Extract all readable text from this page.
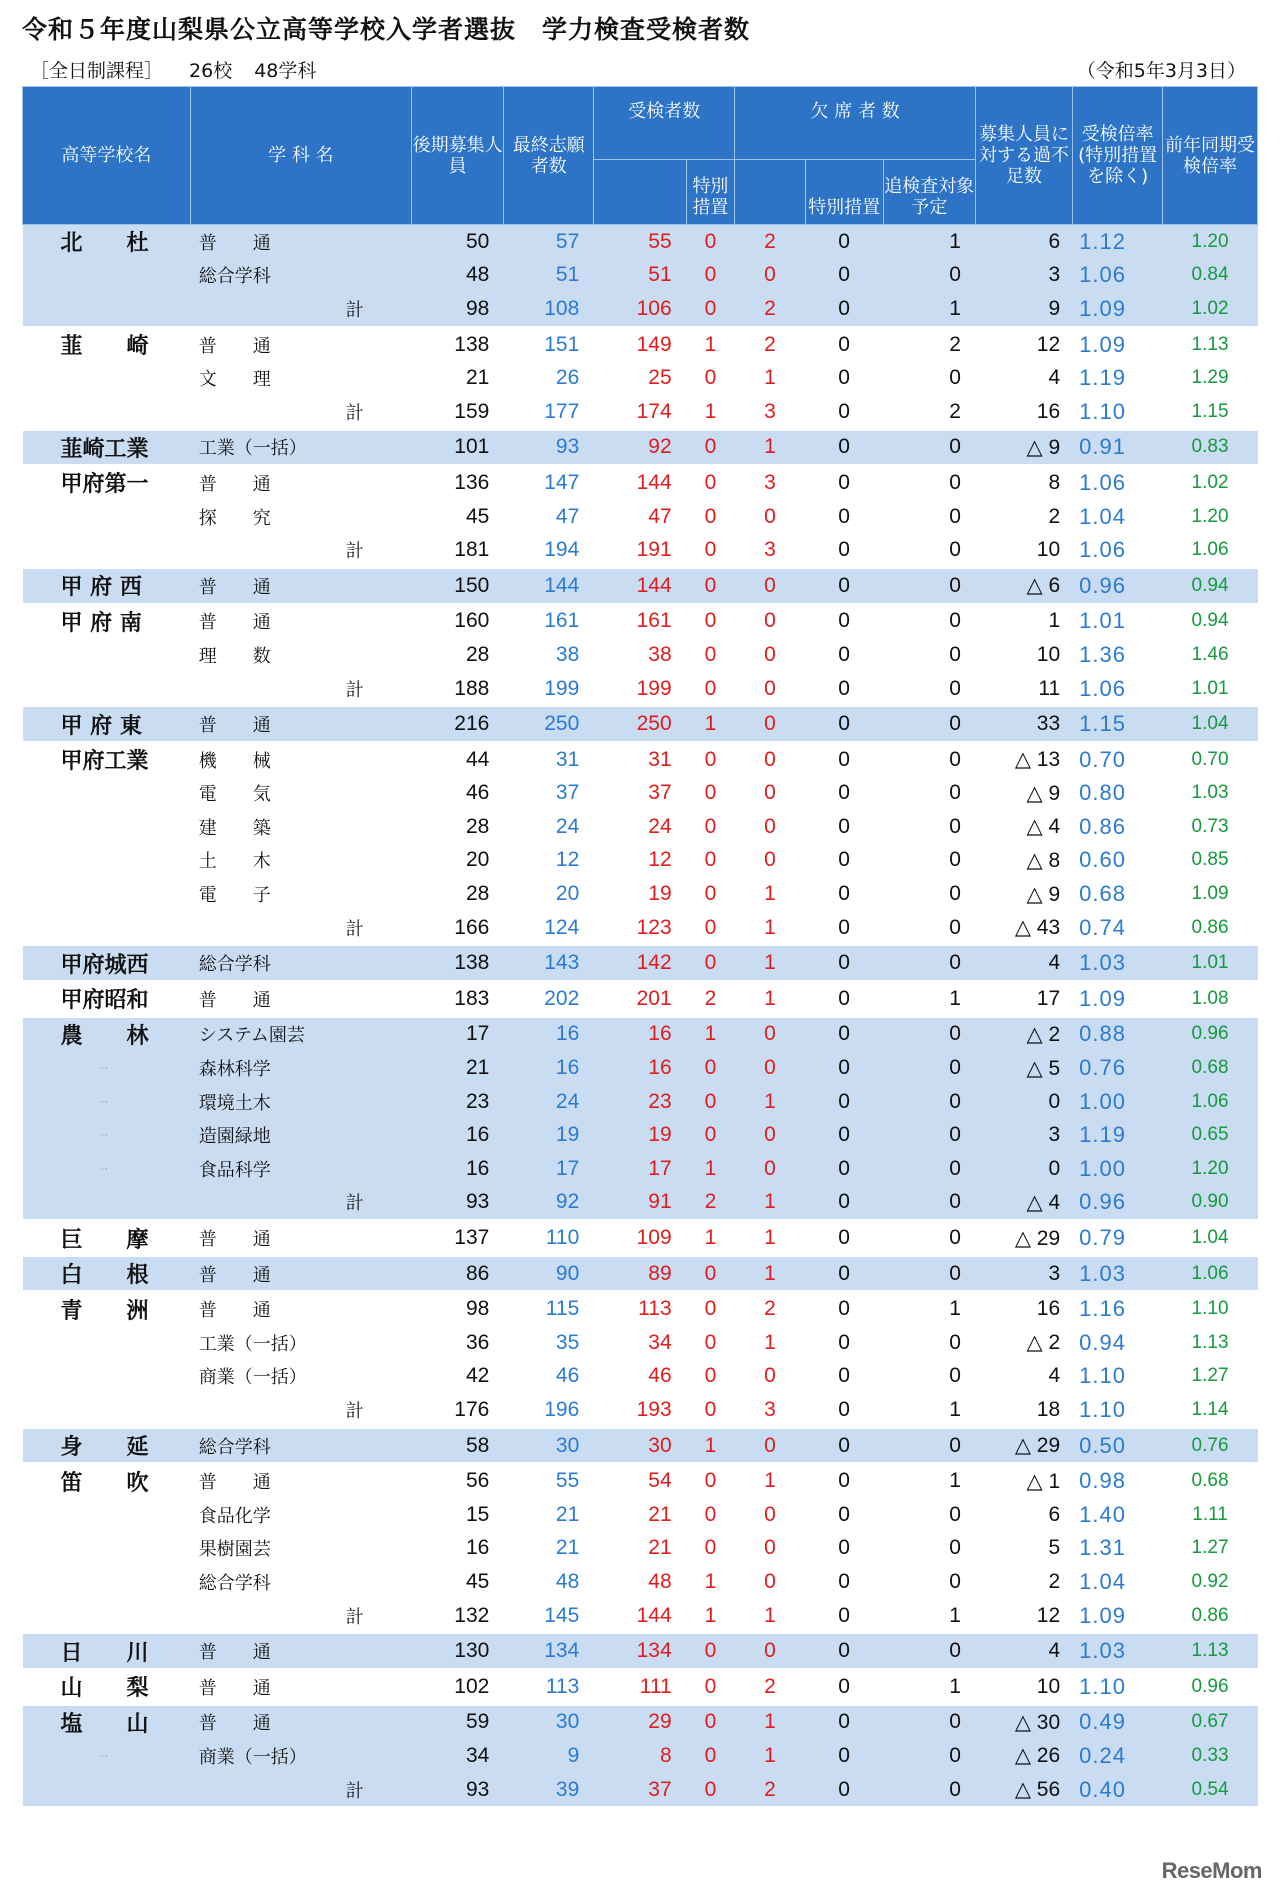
令和５年度山梨県公立高等学校入学者選抜　学力検査受検者数
［全日制課程］ 26校 48学科	（令和5年3月3日）
高等学校名	学 科 名	後期募集人員	最終志願者数	受検者数		欠 席 者 数			募集人員に対する過不足数	受検倍率(特別措置を除く)	前年同期受検倍率
					特別措置		特別措置	追検査対象予定			
北　　杜	普　　通	50	57	55	0	2	0	1	6	1.12	1.20
	総合学科	48	51	51	0	0	0	0	3	1.06	0.84
	計	98	108	106	0	2	0	1	9	1.09	1.02
韮　　崎	普　　通	138	151	149	1	2	0	2	12	1.09	1.13
	文　　理	21	26	25	0	1	0	0	4	1.19	1.29
	計	159	177	174	1	3	0	2	16	1.10	1.15
韮崎工業	工業（一括）	101	93	92	0	1	0	0	△ 9	0.91	0.83
甲府第一	普　　通	136	147	144	0	3	0	0	8	1.06	1.02
	探　　究	45	47	47	0	0	0	0	2	1.04	1.20
	計	181	194	191	0	3	0	0	10	1.06	1.06
甲 府 西	普　　通	150	144	144	0	0	0	0	△ 6	0.96	0.94
甲 府 南	普　　通	160	161	161	0	0	0	0	1	1.01	0.94
	理　　数	28	38	38	0	0	0	0	10	1.36	1.46
	計	188	199	199	0	0	0	0	11	1.06	1.01
甲 府 東	普　　通	216	250	250	1	0	0	0	33	1.15	1.04
甲府工業	機　　械	44	31	31	0	0	0	0	△ 13	0.70	0.70
	電　　気	46	37	37	0	0	0	0	△ 9	0.80	1.03
	建　　築	28	24	24	0	0	0	0	△ 4	0.86	0.73
	土　　木	20	12	12	0	0	0	0	△ 8	0.60	0.85
	電　　子	28	20	19	0	1	0	0	△ 9	0.68	1.09
	計	166	124	123	0	1	0	0	△ 43	0.74	0.86
甲府城西	総合学科	138	143	142	0	1	0	0	4	1.03	1.01
甲府昭和	普　　通	183	202	201	2	1	0	1	17	1.09	1.08
農　　林	システム園芸	17	16	16	1	0	0	0	△ 2	0.88	0.96
··	森林科学	21	16	16	0	0	0	0	△ 5	0.76	0.68
··	環境土木	23	24	23	0	1	0	0	0	1.00	1.06
··	造園緑地	16	19	19	0	0	0	0	3	1.19	0.65
··	食品科学	16	17	17	1	0	0	0	0	1.00	1.20
	計	93	92	91	2	1	0	0	△ 4	0.96	0.90
巨　　摩	普　　通	137	110	109	1	1	0	0	△ 29	0.79	1.04
白　　根	普　　通	86	90	89	0	1	0	0	3	1.03	1.06
青　　洲	普　　通	98	115	113	0	2	0	1	16	1.16	1.10
	工業（一括）	36	35	34	0	1	0	0	△ 2	0.94	1.13
	商業（一括）	42	46	46	0	0	0	0	4	1.10	1.27
	計	176	196	193	0	3	0	1	18	1.10	1.14
身　　延	総合学科	58	30	30	1	0	0	0	△ 29	0.50	0.76
笛　　吹	普　　通	56	55	54	0	1	0	1	△ 1	0.98	0.68
	食品化学	15	21	21	0	0	0	0	6	1.40	1.11
	果樹園芸	16	21	21	0	0	0	0	5	1.31	1.27
	総合学科	45	48	48	1	0	0	0	2	1.04	0.92
	計	132	145	144	1	1	0	1	12	1.09	0.86
日　　川	普　　通	130	134	134	0	0	0	0	4	1.03	1.13
山　　梨	普　　通	102	113	111	0	2	0	1	10	1.10	0.96
塩　　山	普　　通	59	30	29	0	1	0	0	△ 30	0.49	0.67
··	商業（一括）	34	9	8	0	1	0	0	△ 26	0.24	0.33
	計	93	39	37	0	2	0	0	△ 56	0.40	0.54
ReseMom
